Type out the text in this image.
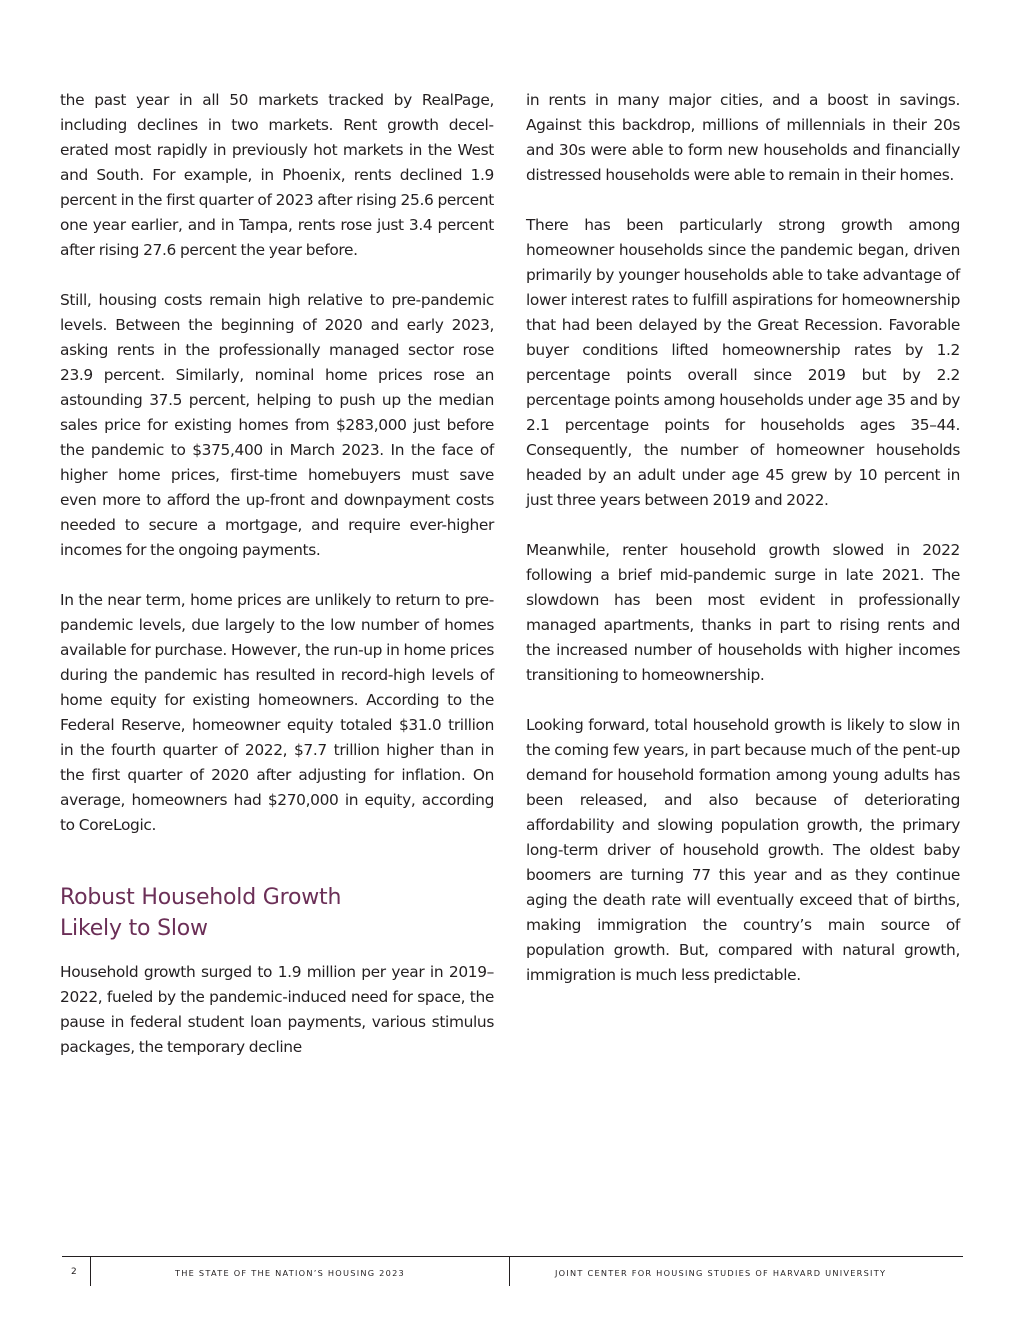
the past year in all 50 markets tracked by RealPage, including declines in two markets. Rent growth decelerated most rapidly in previously hot markets in the West and South. For example, in Phoenix, rents declined 1.9 percent in the first quarter of 2023 after rising 25.6 percent one year earlier, and in Tampa, rents rose just 3.4 percent after rising 27.6 percent the year before.

Still, housing costs remain high relative to pre-pandemic levels. Between the beginning of 2020 and early 2023, asking rents in the professionally managed sector rose 23.9 percent. Similarly, nominal home prices rose an astounding 37.5 percent, helping to push up the median sales price for existing homes from $283,000 just before the pandemic to $375,400 in March 2023. In the face of higher home prices, first-time homebuyers must save even more to afford the up-front and downpayment costs needed to secure a mortgage, and require ever-higher incomes for the ongoing payments.

In the near term, home prices are unlikely to return to pre-pandemic levels, due largely to the low number of homes available for purchase. However, the run-up in home prices during the pandemic has resulted in record-high levels of home equity for existing homeowners. According to the Federal Reserve, homeowner equity totaled $31.0 trillion in the fourth quarter of 2022, $7.7 trillion higher than in the first quarter of 2020 after adjusting for inflation. On average, homeowners had $270,000 in equity, according to CoreLogic.

Robust Household Growth
Likely to Slow

Household growth surged to 1.9 million per year in 2019–2022, fueled by the pandemic-induced need for space, the pause in federal student loan payments, various stimulus packages, the temporary decline

in rents in many major cities, and a boost in savings. Against this backdrop, millions of millennials in their 20s and 30s were able to form new households and financially distressed households were able to remain in their homes.

There has been particularly strong growth among homeowner households since the pandemic began, driven primarily by younger households able to take advantage of lower interest rates to fulfill aspirations for homeownership that had been delayed by the Great Recession. Favorable buyer conditions lifted homeownership rates by 1.2 percentage points overall since 2019 but by 2.2 percentage points among households under age 35 and by 2.1 percentage points for households ages 35–44. Consequently, the number of homeowner households headed by an adult under age 45 grew by 10 percent in just three years between 2019 and 2022.

Meanwhile, renter household growth slowed in 2022 following a brief mid-pandemic surge in late 2021. The slowdown has been most evident in professionally managed apartments, thanks in part to rising rents and the increased number of households with higher incomes transitioning to homeownership.

Looking forward, total household growth is likely to slow in the coming few years, in part because much of the pent-up demand for household formation among young adults has been released, and also because of deteriorating affordability and slowing population growth, the primary long-term driver of household growth. The oldest baby boomers are turning 77 this year and as they continue aging the death rate will eventually exceed that of births, making immigration the country’s main source of population growth. But, compared with natural growth, immigration is much less predictable.

2	THE STATE OF THE NATION’S HOUSING 2023	JOINT CENTER FOR HOUSING STUDIES OF HARVARD UNIVERSITY
